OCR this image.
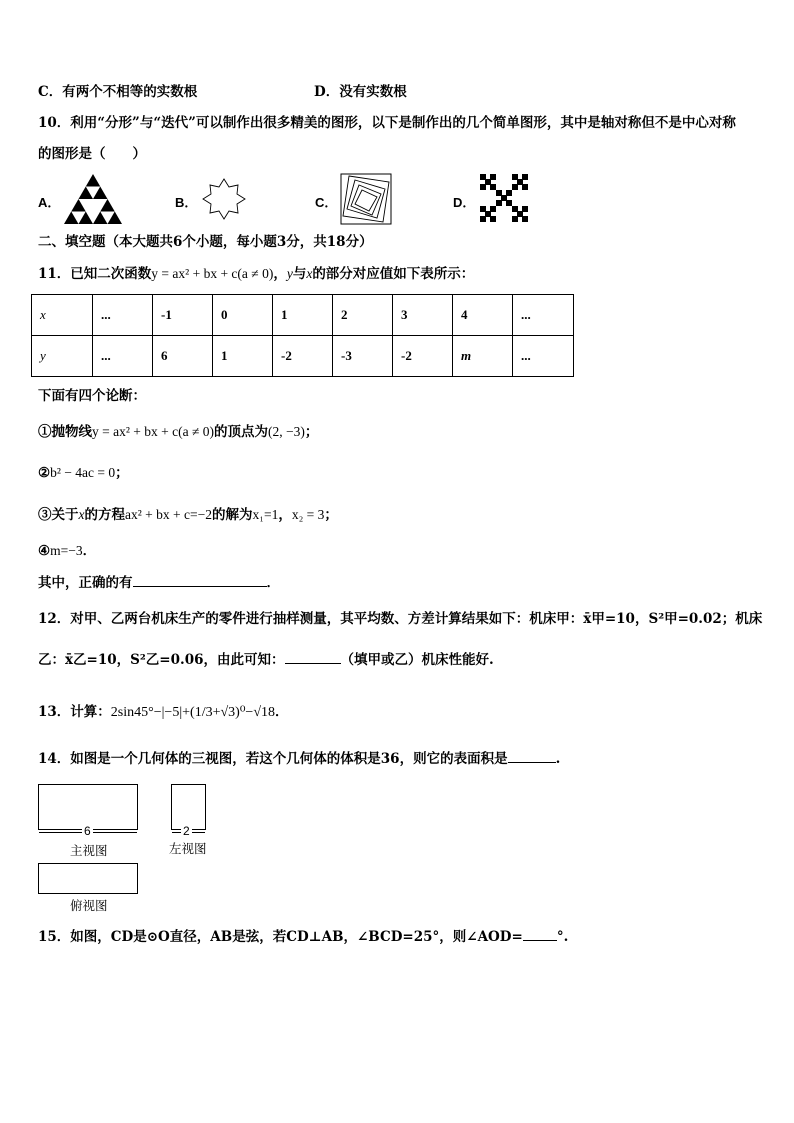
C．有两个不相等的实数根	D．没有实数根
10．利用“分形”与“迭代”可以制作出很多精美的图形，以下是制作出的几个简单图形，其中是轴对称但不是中心对称
的图形是（　　）
A．	B．	C．	D．
二、填空题（本大题共6个小题，每小题3分，共18分）
11．已知二次函数y = ax² + bx + c(a ≠ 0)，y与x的部分对应值如下表所示：
x	...	-1	0	1	2	3	4	...
y	...	6	1	-2	-3	-2	m	...
下面有四个论断：
①抛物线y = ax² + bx + c(a ≠ 0)的顶点为(2, −3)；
②b² − 4ac = 0；
③关于x的方程ax² + bx + c=−2的解为x₁=1，x₂ = 3；
④m=−3．
其中，正确的有	．
12．对甲、乙两台机床生产的零件进行抽样测量，其平均数、方差计算结果如下：机床甲：x̄甲=10，S²甲=0.02；机床
乙：x̄乙=10，S²乙=0.06，由此可知：	（填甲或乙）机床性能好.
13．计算：2sin45°−|−5|+(1/3+√3)⁰−√18．
14．如图是一个几何体的三视图，若这个几何体的体积是36，则它的表面积是	.
6
主视图
2
左视图
俯视图
15．如图，CD是⊙O直径，AB是弦，若CD⊥AB，∠BCD=25°，则∠AOD=	°.
